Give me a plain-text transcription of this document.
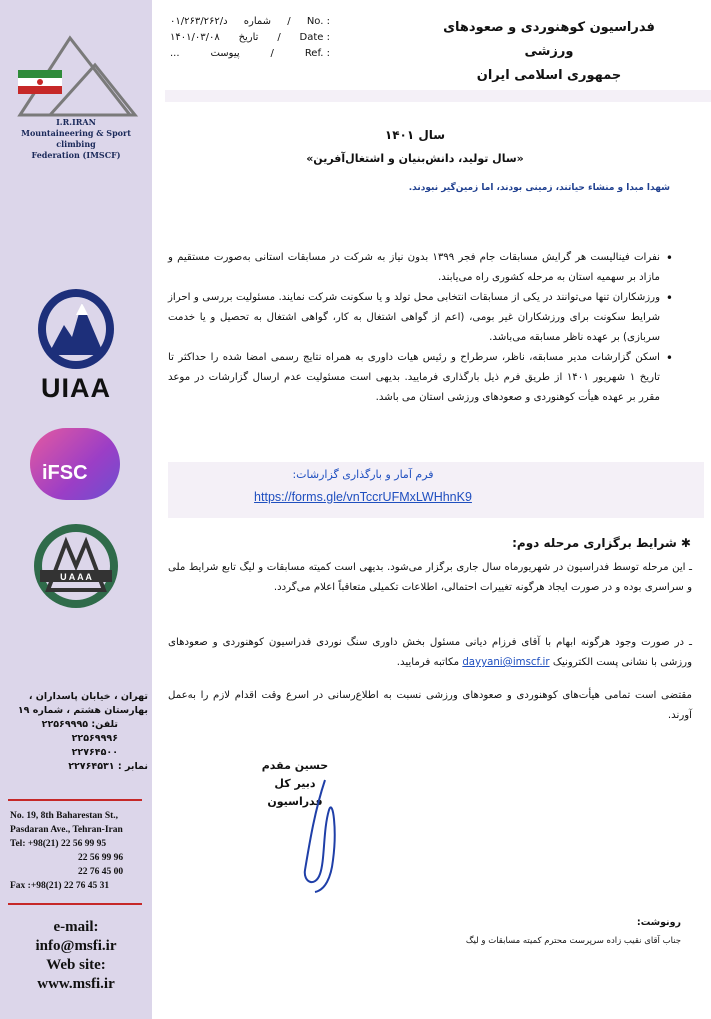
I.R.IRAN
Mountaineering & Sport climbing
Federation (IMSCF)
UIAA
iFSC
U A A A
تهران ، خیابان پاسداران ،
بهارستان هشتم ، شماره ۱۹
تلفن: ۲۲۵۶۹۹۹۵
۲۲۵۶۹۹۹۶
۲۲۷۶۴۵۰۰
نمابر : ۲۲۷۶۴۵۳۱
No. 19, 8th Baharestan St.,
Pasdaran Ave., Tehran-Iran
Tel: +98(21) 22 56 99 95
22 56 99 96
22 76 45 00
Fax :+98(21) 22 76 45 31
e-mail:
info@msfi.ir
Web site:
www.msfi.ir
۰۱/۲۶۳/د/۲۶۲ شماره / No. :
۱۴۰۱/۰۳/۰۸ تاریخ / Date :
...	پیوست	/	Ref. :
فدراسیون کوهنوردی و صعودهای ورزشی
جمهوری اسلامی ایران
سال ۱۴۰۱
«سال تولید، دانش‌بنیان و اشتغال‌آفرین»
شهدا مبدا و منشاء حیاتند، زمینی بودند، اما زمین‌گیر نبودند.
• نفرات فینالیست هر گرایش مسابقات جام فجر ۱۳۹۹ بدون نیاز به شرکت در مسابقات استانی به‌صورت مستقیم و مازاد بر سهمیه استان به مرحله کشوری راه می‌یابند.
• ورزشکاران تنها می‌توانند در یکی از مسابقات انتخابی محل تولد و یا سکونت شرکت نمایند. مسئولیت بررسی و احراز شرایط سکونت برای ورزشکاران غیر بومی، (اعم از گواهی اشتغال به کار، گواهی اشتغال به تحصیل و یا خدمت سربازی) بر عهده ناظر مسابقه می‌باشد.
• اسکن گزارشات مدیر مسابقه، ناظر، سرطراح و رئیس هیات داوری به همراه نتایج رسمی امضا شده را حداکثر تا تاریخ ۱ شهریور ۱۴۰۱ از طریق فرم ذیل بارگذاری فرمایید. بدیهی است مسئولیت عدم ارسال گزارشات در موعد مقرر بر عهده هیأت کوهنوردی و صعودهای ورزشی استان می باشد.
فرم آمار و بارگذاری گزارشات:
https://forms.gle/vnTccrUFMxLWHhnK9
✱ شرایط برگزاری مرحله دوم:
ـ این مرحله توسط فدراسیون در شهریورماه سال جاری برگزار می‌شود. بدیهی است کمیته مسابقات و لیگ تابع شرایط ملی و سراسری بوده و در صورت ایجاد هرگونه تغییرات احتمالی، اطلاعات تکمیلی متعاقباً اعلام می‌گردد.
ـ در صورت وجود هرگونه ابهام با آقای فرزام دیانی مسئول بخش داوری سنگ نوردی فدراسیون کوهنوردی و صعودهای ورزشی با نشانی پست الکترونیک dayyani@imscf.ir مکاتبه فرمایید.
مقتضی است تمامی هیأت‌های کوهنوردی و صعودهای ورزشی نسبت به اطلاع‌رسانی در اسرع وقت اقدام لازم را به‌عمل آورند.
حسین مقدم
دبیر کل فدراسیون
رونوشت:
جناب آقای نقیب زاده سرپرست محترم کمیته مسابقات و لیگ
